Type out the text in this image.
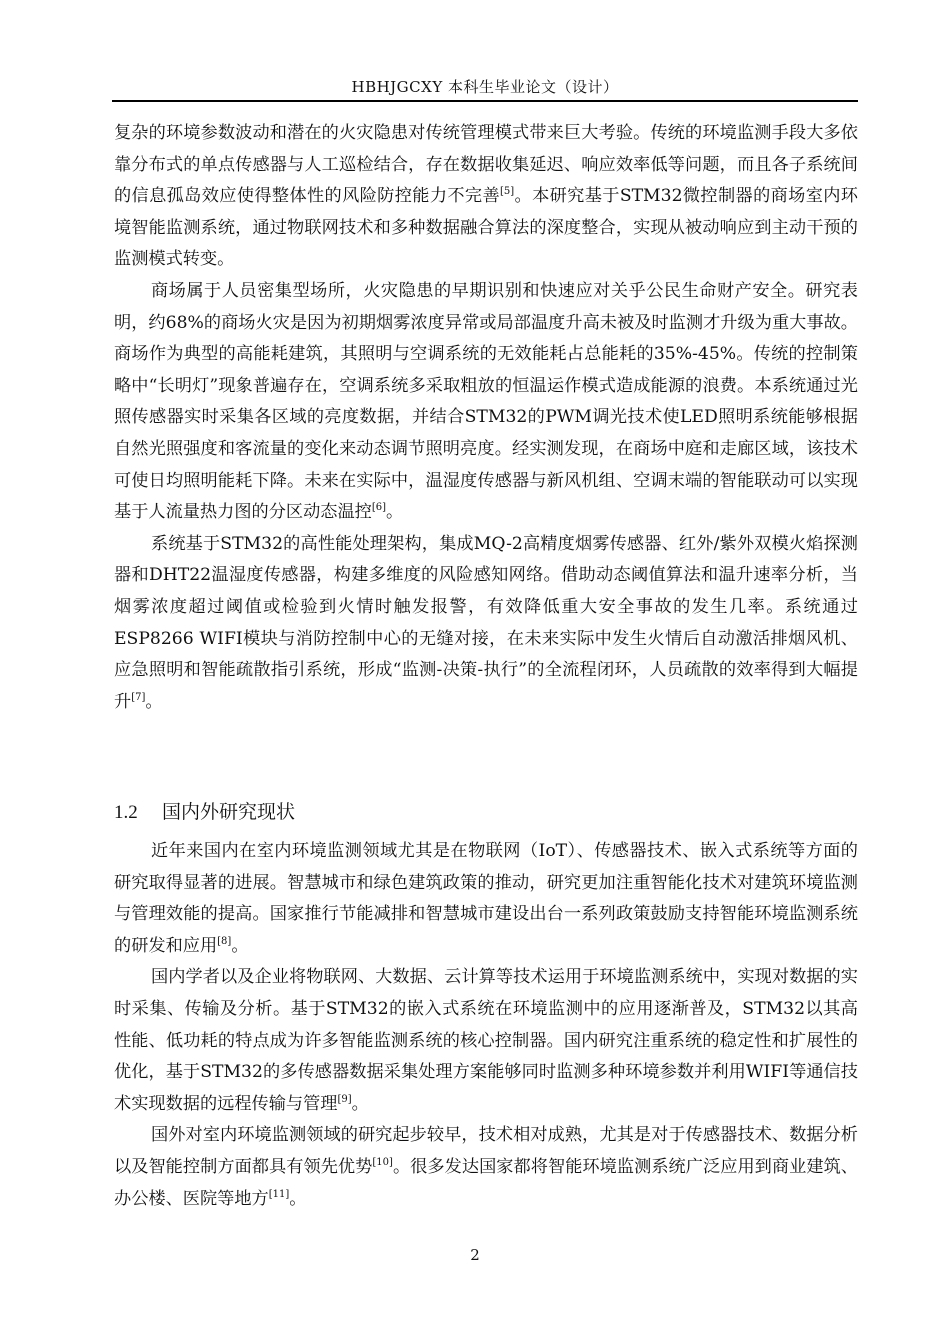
HBHJGCXY 本科生毕业论文（设计）

复杂的环境参数波动和潜在的火灾隐患对传统管理模式带来巨大考验。传统的环境监测手段大多依靠分布式的单点传感器与人工巡检结合，存在数据收集延迟、响应效率低等问题，而且各子系统间的信息孤岛效应使得整体性的风险防控能力不完善[5]。本研究基于STM32微控制器的商场室内环境智能监测系统，通过物联网技术和多种数据融合算法的深度整合，实现从被动响应到主动干预的监测模式转变。

商场属于人员密集型场所，火灾隐患的早期识别和快速应对关乎公民生命财产安全。研究表明，约68%的商场火灾是因为初期烟雾浓度异常或局部温度升高未被及时监测才升级为重大事故。商场作为典型的高能耗建筑，其照明与空调系统的无效能耗占总能耗的35%-45%。传统的控制策略中“长明灯”现象普遍存在，空调系统多采取粗放的恒温运作模式造成能源的浪费。本系统通过光照传感器实时采集各区域的亮度数据，并结合STM32的PWM调光技术使LED照明系统能够根据自然光照强度和客流量的变化来动态调节照明亮度。经实测发现，在商场中庭和走廊区域，该技术可使日均照明能耗下降。未来在实际中，温湿度传感器与新风机组、空调末端的智能联动可以实现基于人流量热力图的分区动态温控[6]。

系统基于STM32的高性能处理架构，集成MQ-2高精度烟雾传感器、红外/紫外双模火焰探测器和DHT22温湿度传感器，构建多维度的风险感知网络。借助动态阈值算法和温升速率分析，当烟雾浓度超过阈值或检验到火情时触发报警，有效降低重大安全事故的发生几率。系统通过ESP8266 WIFI模块与消防控制中心的无缝对接，在未来实际中发生火情后自动激活排烟风机、应急照明和智能疏散指引系统，形成“监测-决策-执行”的全流程闭环，人员疏散的效率得到大幅提升[7]。

1.2 国内外研究现状

近年来国内在室内环境监测领域尤其是在物联网（IoT）、传感器技术、嵌入式系统等方面的研究取得显著的进展。智慧城市和绿色建筑政策的推动，研究更加注重智能化技术对建筑环境监测与管理效能的提高。国家推行节能减排和智慧城市建设出台一系列政策鼓励支持智能环境监测系统的研发和应用[8]。

国内学者以及企业将物联网、大数据、云计算等技术运用于环境监测系统中，实现对数据的实时采集、传输及分析。基于STM32的嵌入式系统在环境监测中的应用逐渐普及，STM32以其高性能、低功耗的特点成为许多智能监测系统的核心控制器。国内研究注重系统的稳定性和扩展性的优化，基于STM32的多传感器数据采集处理方案能够同时监测多种环境参数并利用WIFI等通信技术实现数据的远程传输与管理[9]。

国外对室内环境监测领域的研究起步较早，技术相对成熟，尤其是对于传感器技术、数据分析以及智能控制方面都具有领先优势[10]。很多发达国家都将智能环境监测系统广泛应用到商业建筑、办公楼、医院等地方[11]。

2
